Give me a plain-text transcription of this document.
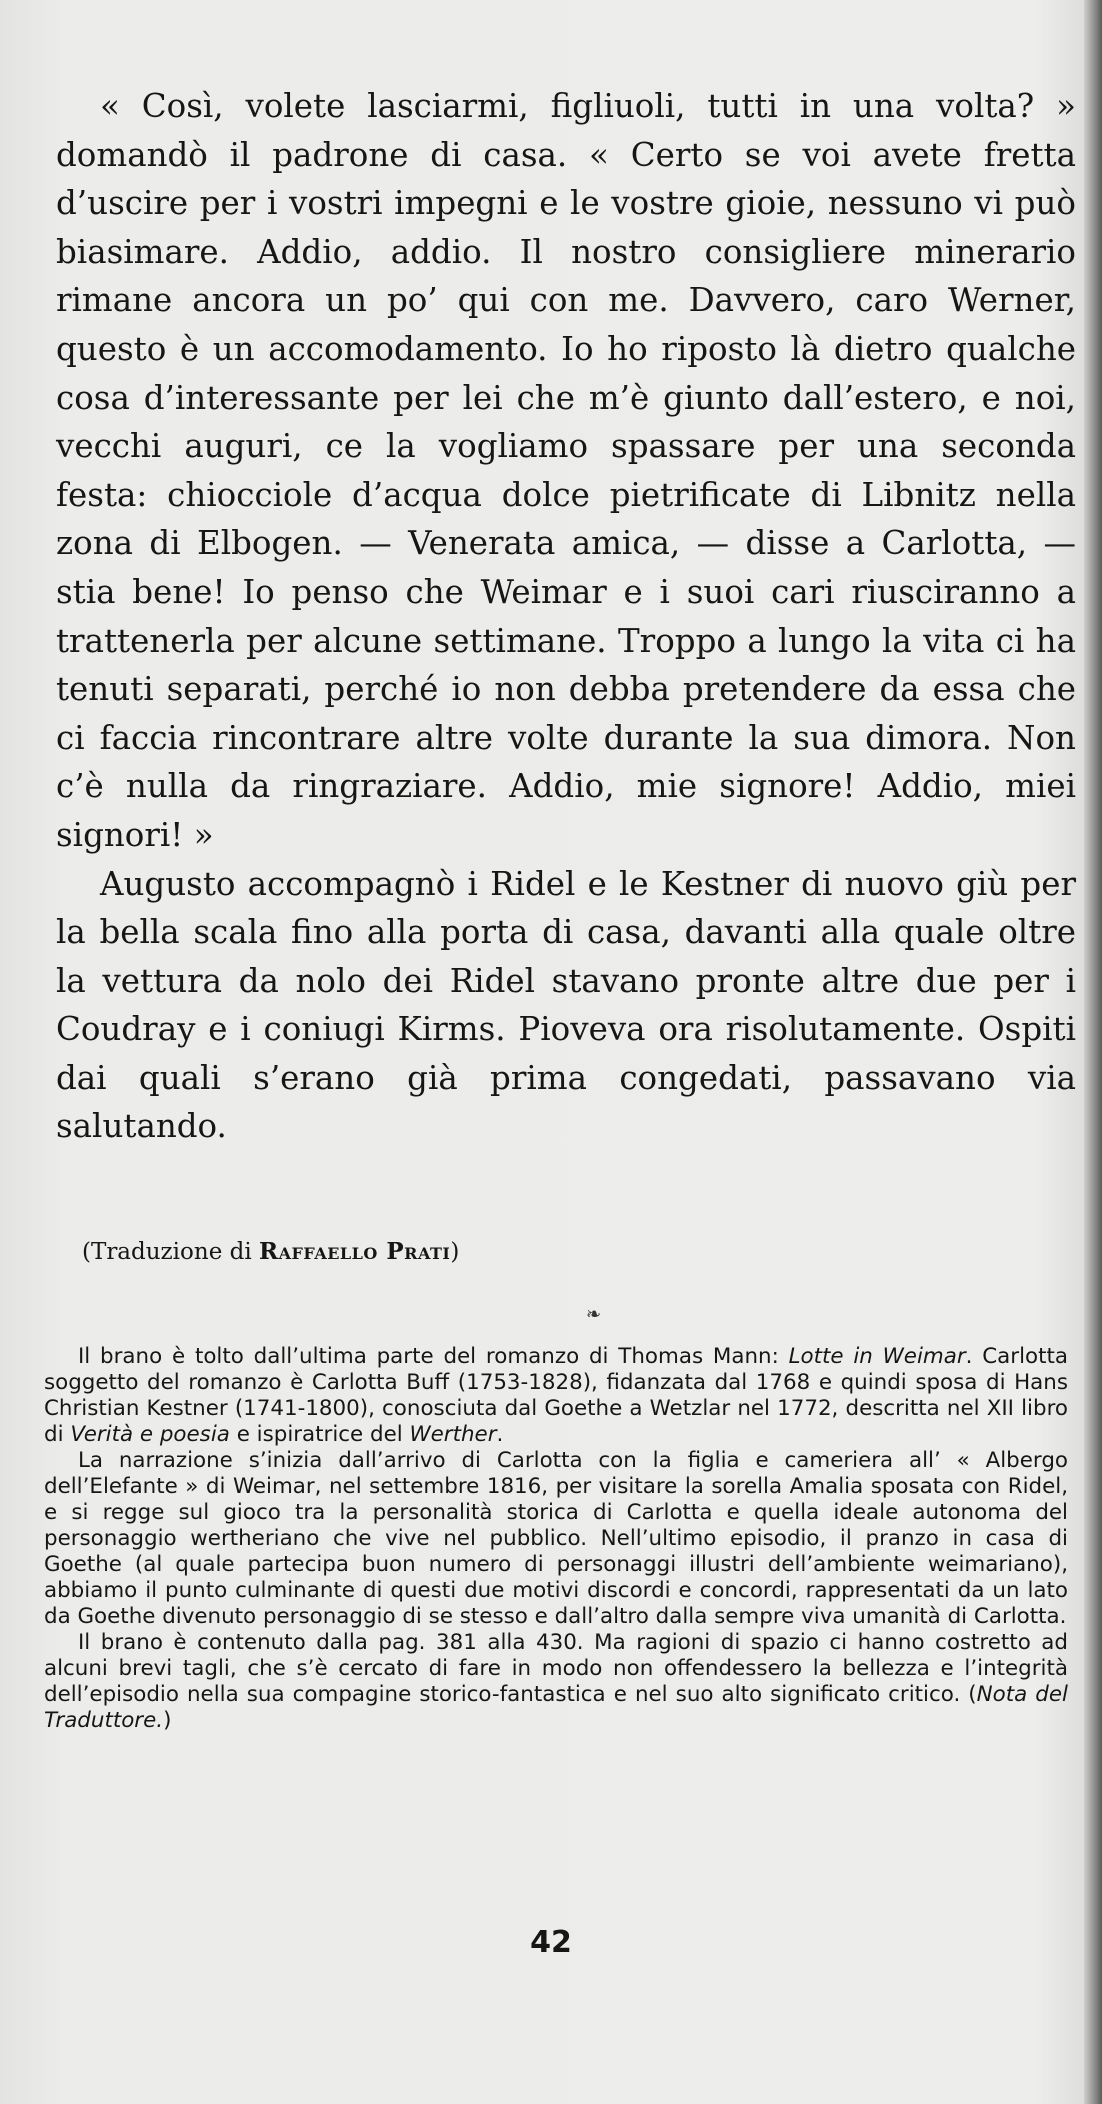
« Così, volete lasciarmi, figliuoli, tutti in una volta? » domandò il padrone di casa. « Certo se voi avete fretta d’uscire per i vostri impegni e le vostre gioie, nessuno vi può biasimare. Addio, addio. Il nostro consigliere minerario rimane ancora un po’ qui con me. Davvero, caro Werner, questo è un accomodamento. Io ho riposto là dietro qualche cosa d’interessante per lei che m’è giunto dall’estero, e noi, vecchi auguri, ce la vogliamo spassare per una seconda festa: chiocciole d’acqua dolce pietrificate di Libnitz nella zona di Elbogen. — Venerata amica, — disse a Carlotta, — stia bene! Io penso che Weimar e i suoi cari riusciranno a trattenerla per alcune settimane. Troppo a lungo la vita ci ha tenuti separati, perché io non debba pretendere da essa che ci faccia rincontrare altre volte durante la sua dimora. Non c’è nulla da ringraziare. Addio, mie signore! Addio, miei signori! »

Augusto accompagnò i Ridel e le Kestner di nuovo giù per la bella scala fino alla porta di casa, davanti alla quale oltre la vettura da nolo dei Ridel stavano pronte altre due per i Coudray e i coniugi Kirms. Pioveva ora risolutamente. Ospiti dai quali s’erano già prima congedati, passavano via salutando.

(Traduzione di Raffaello Prati)
❧

Il brano è tolto dall’ultima parte del romanzo di Thomas Mann: Lotte in Weimar. Carlotta soggetto del romanzo è Carlotta Buff (1753-1828), fidanzata dal 1768 e quindi sposa di Hans Christian Kestner (1741-1800), conosciuta dal Goethe a Wetzlar nel 1772, descritta nel XII libro di Verità e poesia e ispiratrice del Werther.

La narrazione s’inizia dall’arrivo di Carlotta con la figlia e cameriera all’ « Albergo dell’Elefante » di Weimar, nel settembre 1816, per visitare la sorella Amalia sposata con Ridel, e si regge sul gioco tra la personalità storica di Carlotta e quella ideale autonoma del personaggio wertheriano che vive nel pubblico. Nell’ultimo episodio, il pranzo in casa di Goethe (al quale partecipa buon numero di personaggi illustri dell’ambiente weimariano), abbiamo il punto culminante di questi due motivi discordi e concordi, rappresentati da un lato da Goethe divenuto personaggio di se stesso e dall’altro dalla sempre viva umanità di Carlotta.

Il brano è contenuto dalla pag. 381 alla 430. Ma ragioni di spazio ci hanno costretto ad alcuni brevi tagli, che s’è cercato di fare in modo non offendessero la bellezza e l’integrità dell’episodio nella sua compagine storico-fantastica e nel suo alto significato critico. (Nota del Traduttore.)

42
